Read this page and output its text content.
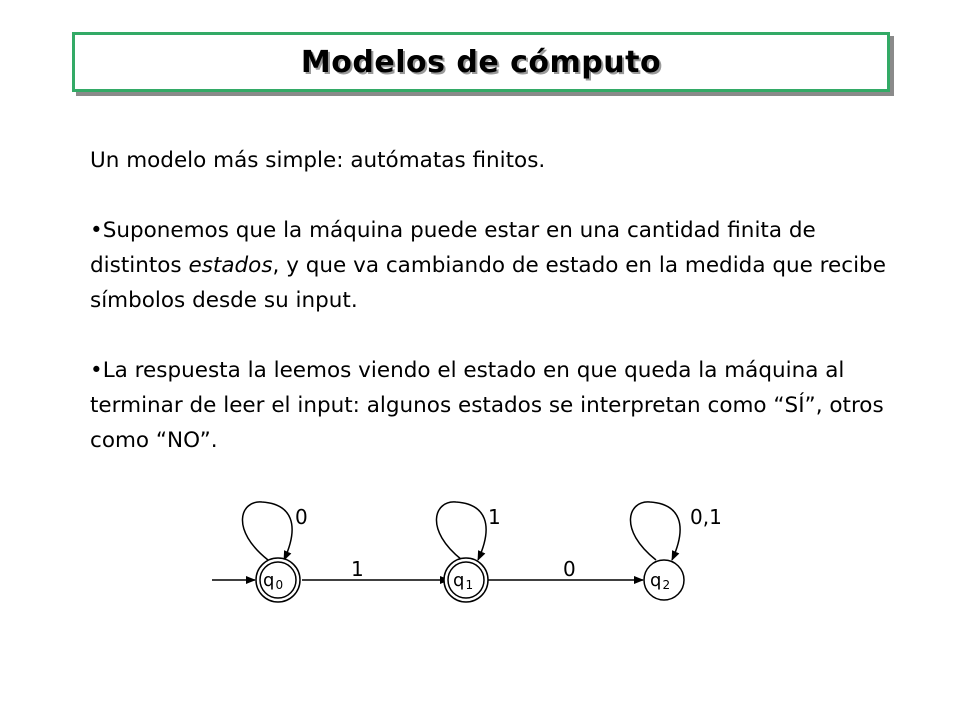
Modelos de cómputo

Un modelo más simple: autómatas finitos.

•Suponemos que la máquina puede estar en una cantidad finita de distintos estados, y que va cambiando de estado en la medida que recibe símbolos desde su input.

•La respuesta la leemos viendo el estado en que queda la máquina al terminar de leer el input: algunos estados se interpretan como “SÍ”, otros como “NO”.

q0	q1	q2
0	1	0,1
1	0
